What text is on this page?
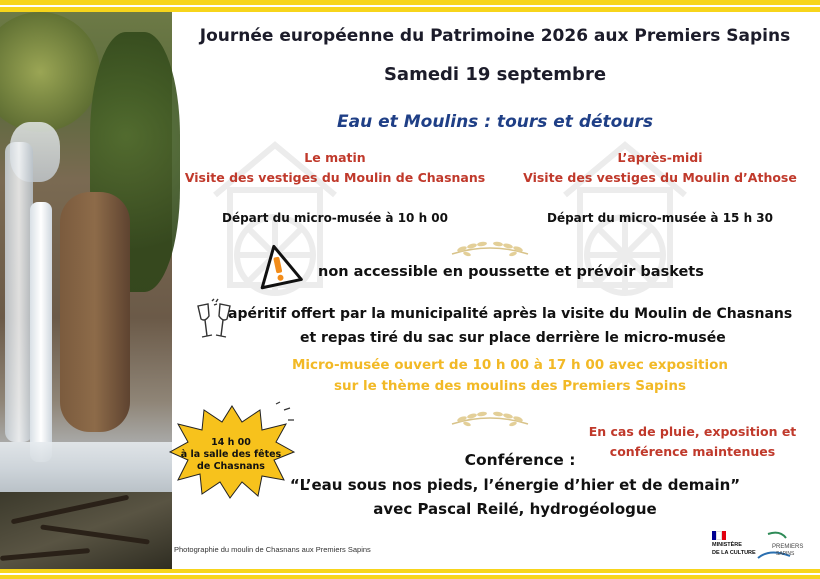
Photographie du moulin de Chasnans aux Premiers Sapins
Journée européenne du Patrimoine 2026 aux Premiers Sapins
Samedi 19 septembre
Eau et Moulins : tours et détours
Le matin
Visite des vestiges du Moulin de Chasnans
Départ du micro-musée à 10 h 00
L’après-midi
Visite des vestiges du Moulin d’Athose
Départ du micro-musée à 15 h 30
non accessible en poussette et prévoir baskets
apéritif offert par la municipalité après la visite du Moulin de Chasnans
et repas tiré du sac sur place derrière le micro-musée
Micro-musée ouvert de 10 h 00 à 17 h 00 avec exposition
sur le thème des moulins des Premiers Sapins
En cas de pluie, exposition et
conférence maintenues
14 h 00
à la salle des fêtes
de Chasnans	Conférence :
“L’eau sous nos pieds, l’énergie d’hier et de demain”
avec Pascal Reilé, hydrogéologue
MINISTÈRE
DE LA CULTURE
PREMIERS
SAPINS
